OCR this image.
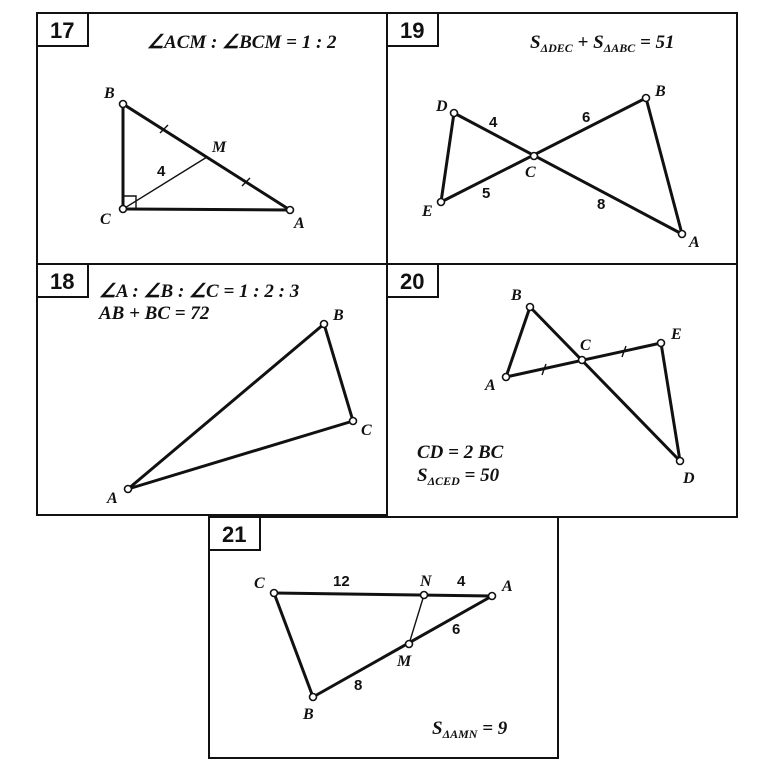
17	∠ACM : ∠BCM = 1 : 2
B
C	A
M
4
19	$S_{\Delta DEC} + S_{\Delta ABC} = 51$
D
E
C
B
A
4	6
5
8
18 ∠A : ∠B : ∠C = 1 : 2 : 3
AB + BC = 72
A
B
C
20
A
B
C
E
D
CD = 2 BC
$S_{\Delta CED} = 50$
21
C	N	A
M
B
12	4
6
8
$S_{\Delta AMN} = 9$
